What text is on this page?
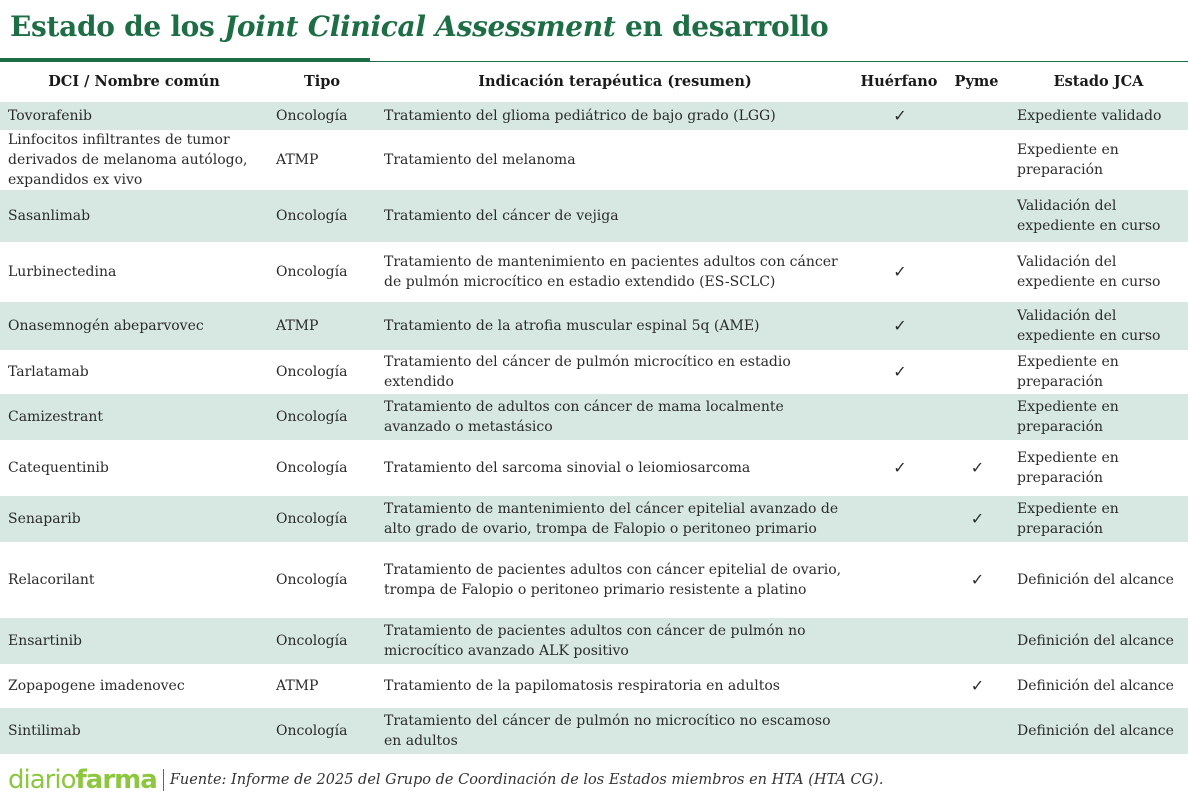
Estado de los Joint Clinical Assessment en desarrollo
DCI / Nombre común	Tipo	Indicación terapéutica (resumen)	Huérfano	Pyme	Estado JCA
Tovorafenib	Oncología	Tratamiento del glioma pediátrico de bajo grado (LGG)	✓		Expediente validado
Linfocitos infiltrantes de tumor derivados de melanoma autólogo, expandidos ex vivo	ATMP	Tratamiento del melanoma			Expediente en preparación
Sasanlimab	Oncología	Tratamiento del cáncer de vejiga			Validación del expediente en curso
Lurbinectedina	Oncología	Tratamiento de mantenimiento en pacientes adultos con cáncer de pulmón microcítico en estadio extendido (ES-SCLC)	✓		Validación del expediente en curso
Onasemnogén abeparvovec	ATMP	Tratamiento de la atrofia muscular espinal 5q (AME)	✓		Validación del expediente en curso
Tarlatamab	Oncología	Tratamiento del cáncer de pulmón microcítico en estadio extendido	✓		Expediente en preparación
Camizestrant	Oncología	Tratamiento de adultos con cáncer de mama localmente avanzado o metastásico			Expediente en preparación
Catequentinib	Oncología	Tratamiento del sarcoma sinovial o leiomiosarcoma	✓	✓	Expediente en preparación
Senaparib	Oncología	Tratamiento de mantenimiento del cáncer epitelial avanzado de alto grado de ovario, trompa de Falopio o peritoneo primario		✓	Expediente en preparación
Relacorilant	Oncología	Tratamiento de pacientes adultos con cáncer epitelial de ovario, trompa de Falopio o peritoneo primario resistente a platino		✓	Definición del alcance
Ensartinib	Oncología	Tratamiento de pacientes adultos con cáncer de pulmón no microcítico avanzado ALK positivo			Definición del alcance
Zopapogene imadenovec	ATMP	Tratamiento de la papilomatosis respiratoria en adultos		✓	Definición del alcance
Sintilimab	Oncología	Tratamiento del cáncer de pulmón no microcítico no escamoso en adultos			Definición del alcance
diariofarma Fuente: Informe de 2025 del Grupo de Coordinación de los Estados miembros en HTA (HTA CG).
